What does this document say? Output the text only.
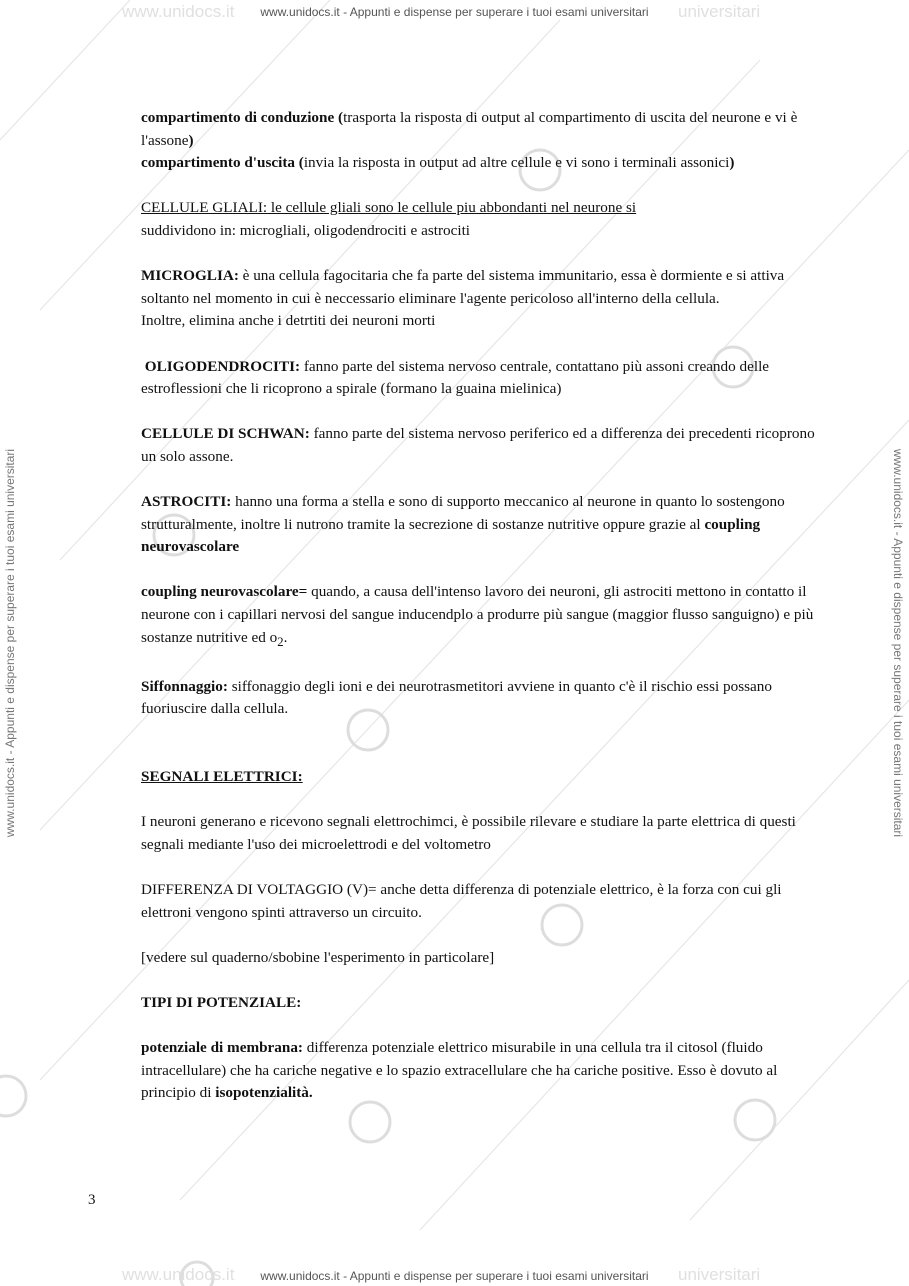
www.unidocs.it	universitari
www.unidocs.it - Appunti e dispense per superare i tuoi esami universitari
www.unidocs.it	universitari
www.unidocs.it - Appunti e dispense per superare i tuoi esami universitari
www.unidocs.it - Appunti e dispense per superare i tuoi esami universitari	www.unidocs.it - Appunti e dispense per superare i tuoi esami universitari

compartimento di conduzione (trasporta la risposta di output al compartimento di uscita del neurone e vi è l'assone)

compartimento d'uscita (invia la risposta in output ad altre cellule e vi sono i terminali assonici)

CELLULE GLIALI: le cellule gliali sono le cellule piu abbondanti nel neurone si
suddividono in: microgliali, oligodendrociti e astrociti

MICROGLIA: è una cellula fagocitaria che fa parte del sistema immunitario, essa è dormiente e si attiva soltanto nel momento in cui è neccessario eliminare l'agente pericoloso all'interno della cellula.

Inoltre, elimina anche i detrtiti dei neuroni morti

OLIGODENDROCITI: fanno parte del sistema nervoso centrale, contattano più assoni creando delle estroflessioni che li ricoprono a spirale (formano la guaina mielinica)

CELLULE DI SCHWAN: fanno parte del sistema nervoso periferico ed a differenza dei precedenti ricoprono un solo assone.

ASTROCITI: hanno una forma a stella e sono di supporto meccanico al neurone in quanto lo sostengono strutturalmente, inoltre li nutrono tramite la secrezione di sostanze nutritive oppure grazie al coupling neurovascolare

coupling neurovascolare= quando, a causa dell'intenso lavoro dei neuroni, gli astrociti mettono in contatto il neurone con i capillari nervosi del sangue inducendplo a produrre più sangue (maggior flusso sanguigno) e più sostanze nutritive ed $o_2$.

Siffonnaggio: siffonaggio degli ioni e dei neurotrasmetitori avviene in quanto c'è il rischio essi possano fuoriuscire dalla cellula.

SEGNALI ELETTRICI:

I neuroni generano e ricevono segnali elettrochimci, è possibile rilevare e studiare la parte elettrica di questi segnali mediante l'uso dei microelettrodi e del voltometro

DIFFERENZA DI VOLTAGGIO (V)= anche detta differenza di potenziale elettrico, è la forza con cui gli elettroni vengono spinti attraverso un circuito.

[vedere sul quaderno/sbobine l'esperimento in particolare]

TIPI DI POTENZIALE:

potenziale di membrana: differenza potenziale elettrico misurabile in una cellula tra il citosol (fluido intracellulare) che ha cariche negative e lo spazio extracellulare che ha cariche positive. Esso è dovuto al principio di isopotenzialità.

3
